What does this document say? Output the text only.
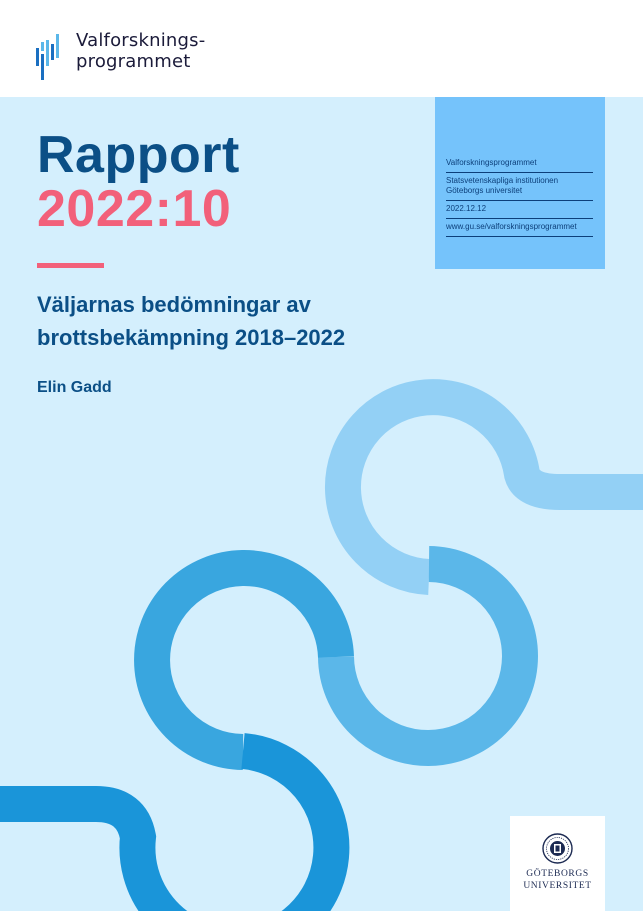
Valforsknings-
programmet
Valforskningsprogrammet
Statsvetenskapliga institutionen
Göteborgs universitet
2022.12.12
www.gu.se/valforskningsprogrammet
Rapport
2022:10
Väljarnas bedömningar av
brottsbekämpning 2018–2022
Elin Gadd
GÖTEBORGS
UNIVERSITET
